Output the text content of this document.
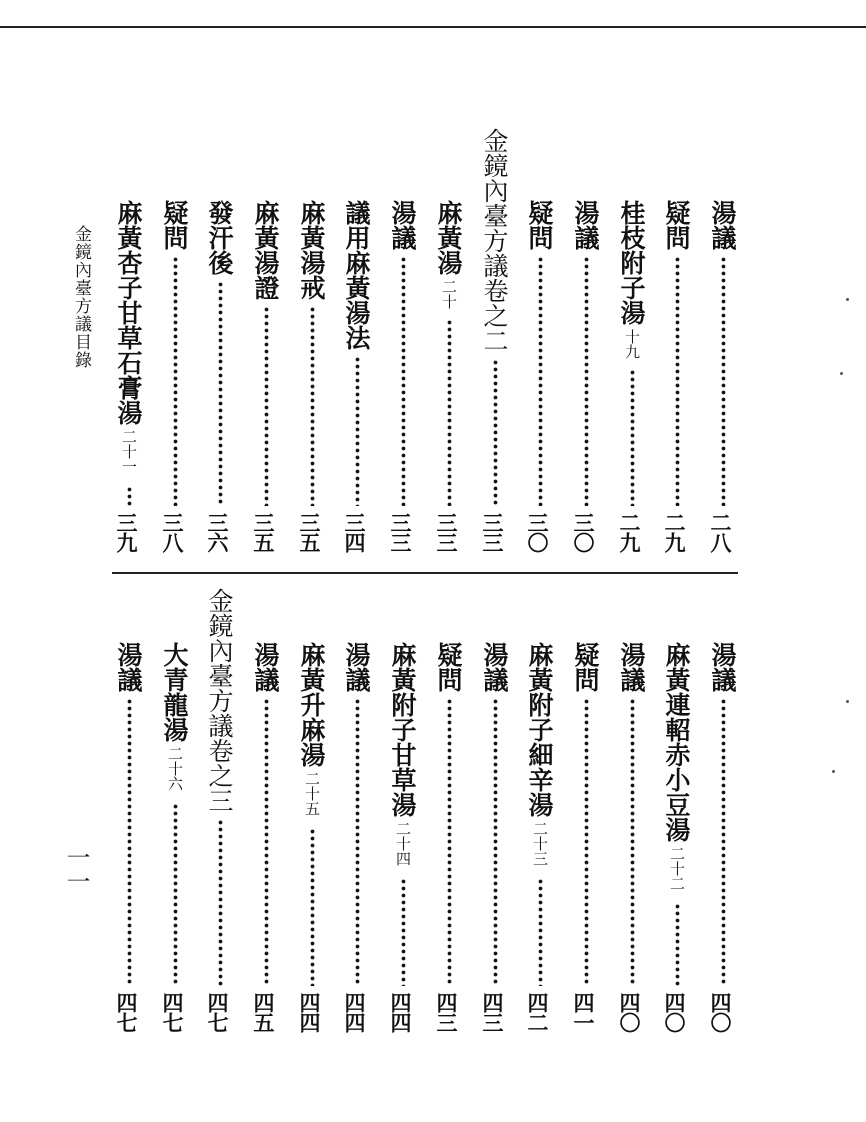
金鏡內臺方議目錄
一一
湯議
二八
疑問
二九
桂枝附子湯
十九
二九
湯議
三〇
疑問
三〇
金鏡內臺方議卷之二
三三
麻黃湯
二十
三三
湯議
三三
議用麻黃湯法
三四
麻黃湯戒
三五
麻黃湯證
三五
發汗後
三六
疑問
三八
麻黃杏子甘草石膏湯
二十一
三九
湯議
四〇
麻黃連軺赤小豆湯
二十二
四〇
湯議
四〇
疑問
四一
麻黃附子細辛湯
二十三
四二
湯議
四三
疑問
四三
麻黃附子甘草湯
二十四
四四
湯議
四四
麻黃升麻湯
二十五
四四
湯議
四五
金鏡內臺方議卷之三
四七
大青龍湯
二十六
四七
湯議
四七
